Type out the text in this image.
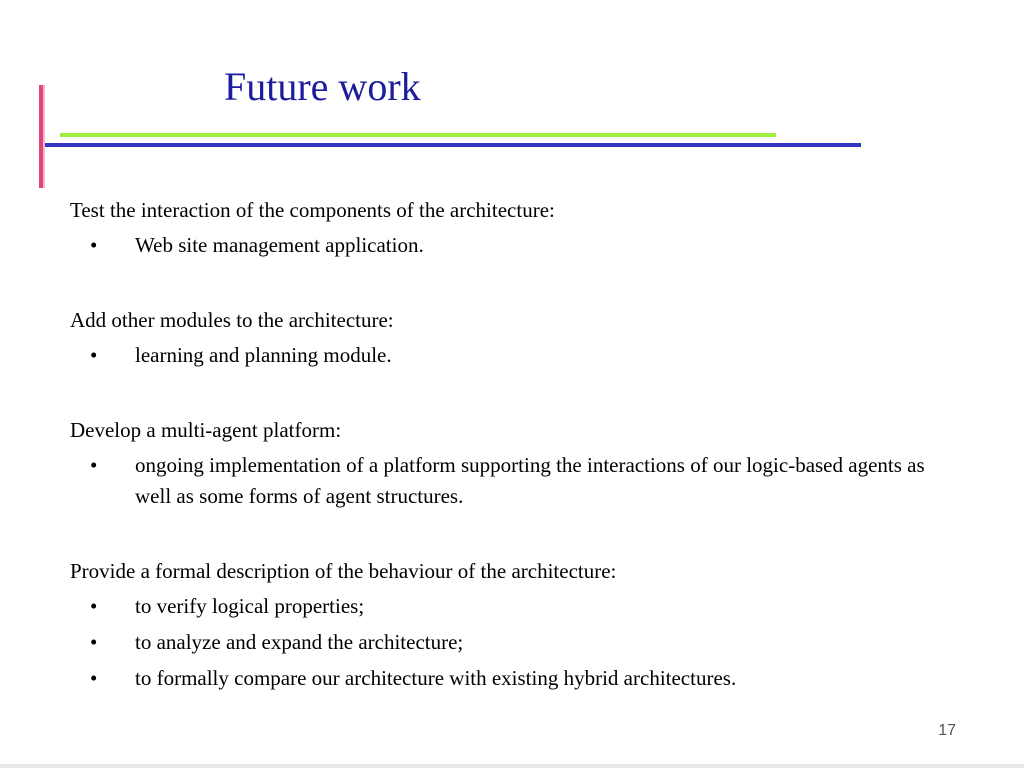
Future work

Test the interaction of the components of the architecture:

• Web site management application.

Add other modules to the architecture:

• learning and planning module.

Develop a multi-agent platform:

• ongoing implementation of a platform supporting the interactions of our logic-based agents as well as some forms of agent structures.

Provide a formal description of the behaviour of the architecture:

• to verify logical properties;
• to analyze and expand the architecture;
• to formally compare our architecture with existing hybrid architectures.
17
